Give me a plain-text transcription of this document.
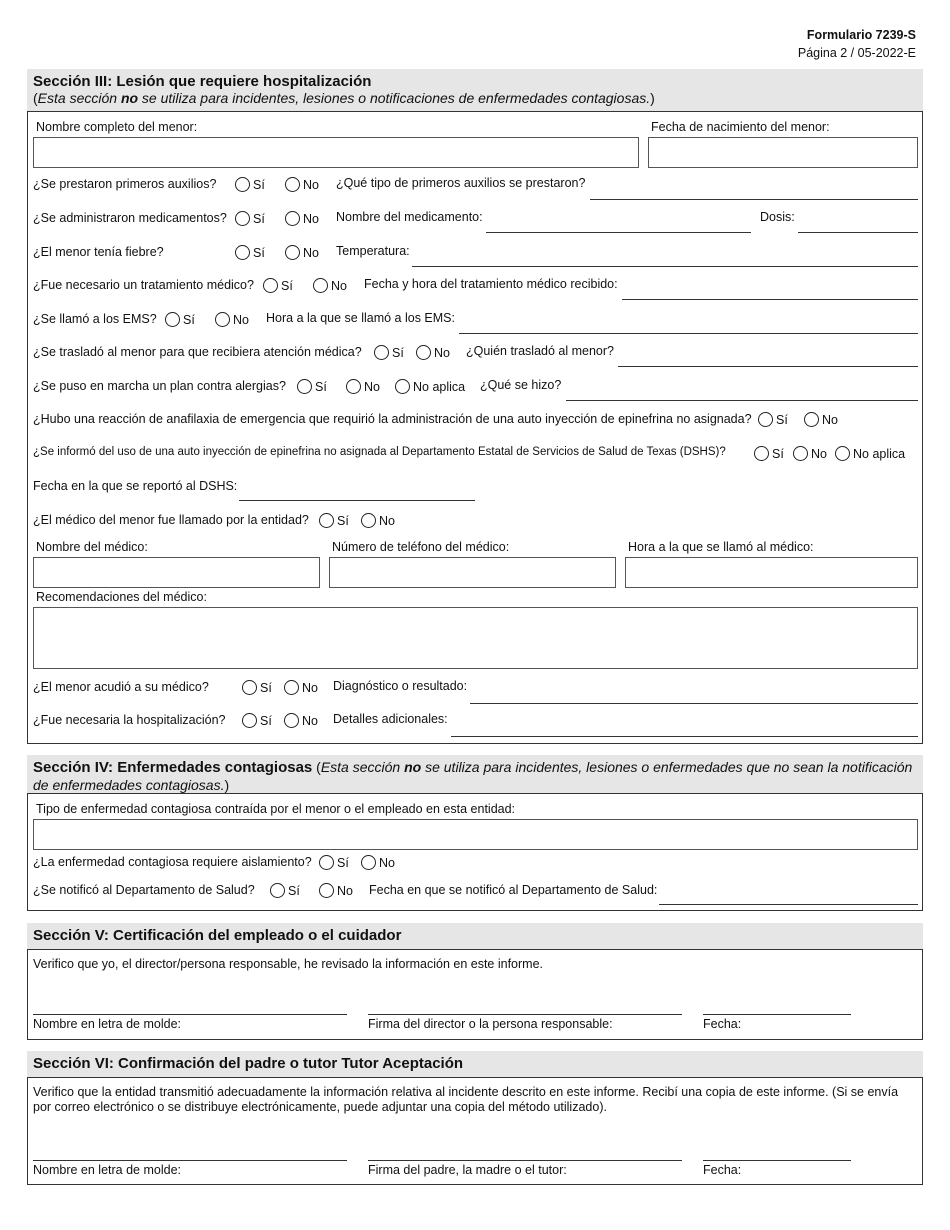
Formulario 7239-S
Página 2 / 05-2022-E
Sección III: Lesión que requiere hospitalización
(Esta sección no se utiliza para incidentes, lesiones o notificaciones de enfermedades contagiosas.)
Nombre completo del menor:	Fecha de nacimiento del menor:
¿Se prestaron primeros auxilios?	Sí	No ¿Qué tipo de primeros auxilios se prestaron?
¿Se administraron medicamentos? Sí	No Nombre del medicamento:	Dosis:
¿El menor tenía fiebre?	Sí	No Temperatura:
¿Fue necesario un tratamiento médico? Sí	No Fecha y hora del tratamiento médico recibido:
¿Se llamó a los EMS? Sí	No Hora a la que se llamó a los EMS:
¿Se trasladó al menor para que recibiera atención médica? Sí No ¿Quién trasladó al menor?
¿Se puso en marcha un plan contra alergias? Sí	No	No aplica ¿Qué se hizo?
¿Hubo una reacción de anafilaxia de emergencia que requirió la administración de una auto inyección de epinefrina no asignada? Sí	No
¿Se informó del uso de una auto inyección de epinefrina no asignada al Departamento Estatal de Servicios de Salud de Texas (DSHS)?	Sí No No aplica
Fecha en la que se reportó al DSHS:
¿El médico del menor fue llamado por la entidad? Sí No
Nombre del médico:	Número de teléfono del médico:	Hora a la que se llamó al médico:
Recomendaciones del médico:
¿El menor acudió a su médico?	Sí No Diagnóstico o resultado:
¿Fue necesaria la hospitalización?	Sí No Detalles adicionales:
Sección IV: Enfermedades contagiosas (Esta sección no se utiliza para incidentes, lesiones o enfermedades que no sean la notificación de enfermedades contagiosas.)
Tipo de enfermedad contagiosa contraída por el menor o el empleado en esta entidad:
¿La enfermedad contagiosa requiere aislamiento? Sí No
¿Se notificó al Departamento de Salud?	Sí	No Fecha en que se notificó al Departamento de Salud:
Sección V: Certificación del empleado o el cuidador
Verifico que yo, el director/persona responsable, he revisado la información en este informe.
Nombre en letra de molde:	Firma del director o la persona responsable:	Fecha:
Sección VI: Confirmación del padre o tutor Tutor Aceptación
Verifico que la entidad transmitió adecuadamente la información relativa al incidente descrito en este informe. Recibí una copia de este informe. (Si se envía por correo electrónico o se distribuye electrónicamente, puede adjuntar una copia del método utilizado).
Nombre en letra de molde:	Firma del padre, la madre o el tutor:	Fecha:
